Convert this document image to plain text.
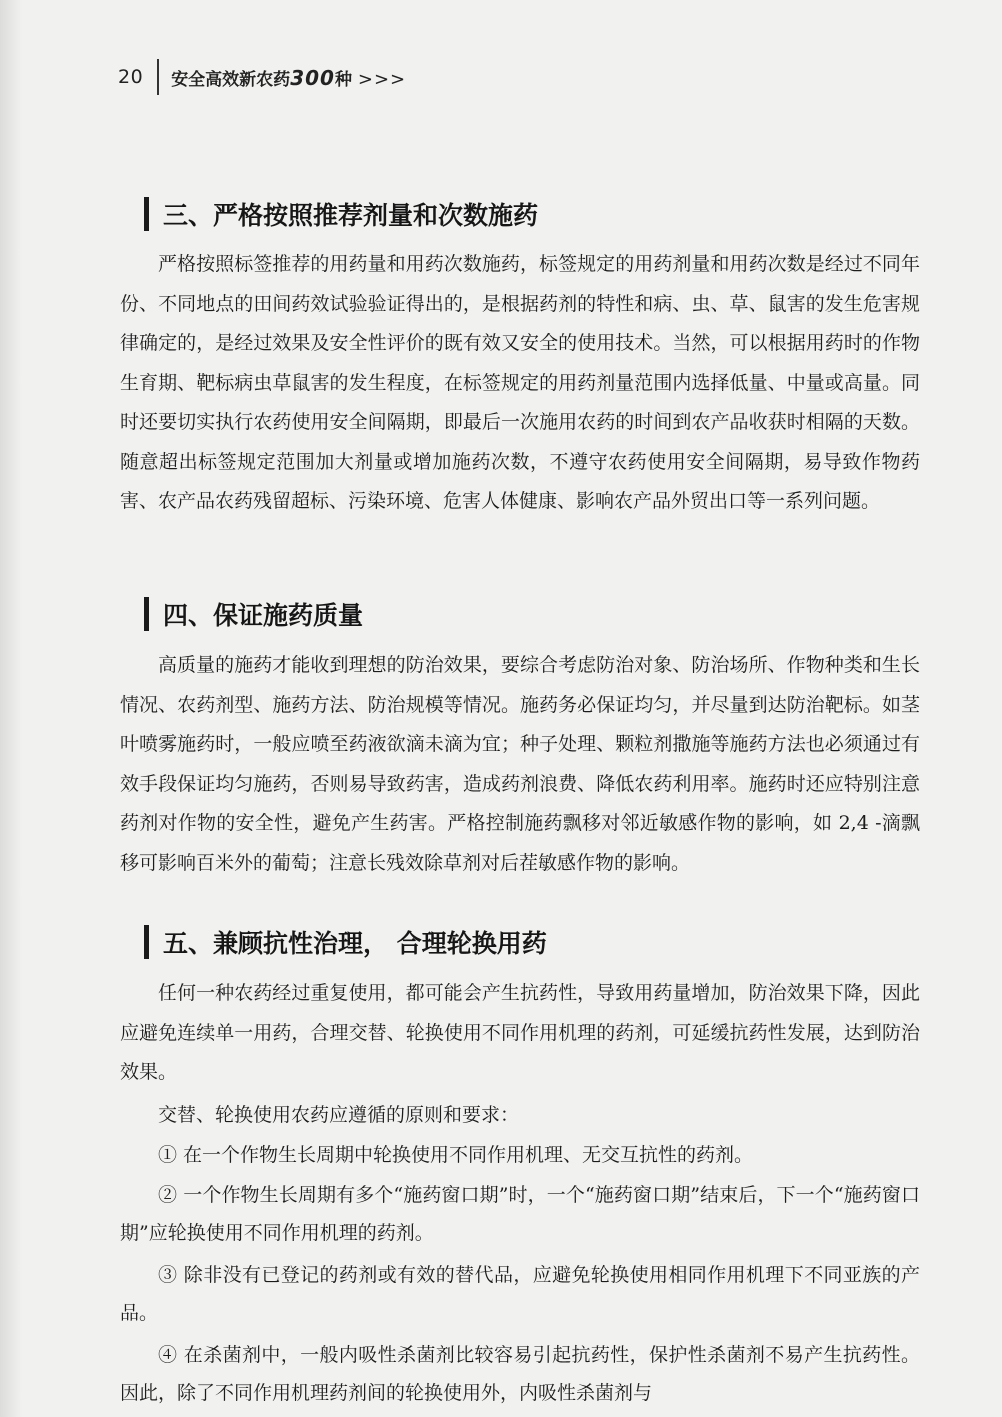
20 安全高效新农药300种 >>>
三、严格按照推荐剂量和次数施药

严格按照标签推荐的用药量和用药次数施药，标签规定的用药剂量和用药次数是经过不同年份、不同地点的田间药效试验验证得出的，是根据药剂的特性和病、虫、草、鼠害的发生危害规律确定的，是经过效果及安全性评价的既有效又安全的使用技术。当然，可以根据用药时的作物生育期、靶标病虫草鼠害的发生程度，在标签规定的用药剂量范围内选择低量、中量或高量。同时还要切实执行农药使用安全间隔期，即最后一次施用农药的时间到农产品收获时相隔的天数。随意超出标签规定范围加大剂量或增加施药次数，不遵守农药使用安全间隔期，易导致作物药害、农产品农药残留超标、污染环境、危害人体健康、影响农产品外贸出口等一系列问题。

四、保证施药质量

高质量的施药才能收到理想的防治效果，要综合考虑防治对象、防治场所、作物种类和生长情况、农药剂型、施药方法、防治规模等情况。施药务必保证均匀，并尽量到达防治靶标。如茎叶喷雾施药时，一般应喷至药液欲滴未滴为宜；种子处理、颗粒剂撒施等施药方法也必须通过有效手段保证均匀施药，否则易导致药害，造成药剂浪费、降低农药利用率。施药时还应特别注意药剂对作物的安全性，避免产生药害。严格控制施药飘移对邻近敏感作物的影响，如 2,4 -滴飘移可影响百米外的葡萄；注意长残效除草剂对后茬敏感作物的影响。

五、兼顾抗性治理， 合理轮换用药

任何一种农药经过重复使用，都可能会产生抗药性，导致用药量增加，防治效果下降，因此应避免连续单一用药，合理交替、轮换使用不同作用机理的药剂，可延缓抗药性发展，达到防治效果。

交替、轮换使用农药应遵循的原则和要求：

① 在一个作物生长周期中轮换使用不同作用机理、无交互抗性的药剂。

② 一个作物生长周期有多个“施药窗口期”时，一个“施药窗口期”结束后，下一个“施药窗口期”应轮换使用不同作用机理的药剂。

③ 除非没有已登记的药剂或有效的替代品，应避免轮换使用相同作用机理下不同亚族的产品。

④ 在杀菌剂中，一般内吸性杀菌剂比较容易引起抗药性，保护性杀菌剂不易产生抗药性。因此，除了不同作用机理药剂间的轮换使用外，内吸性杀菌剂与
